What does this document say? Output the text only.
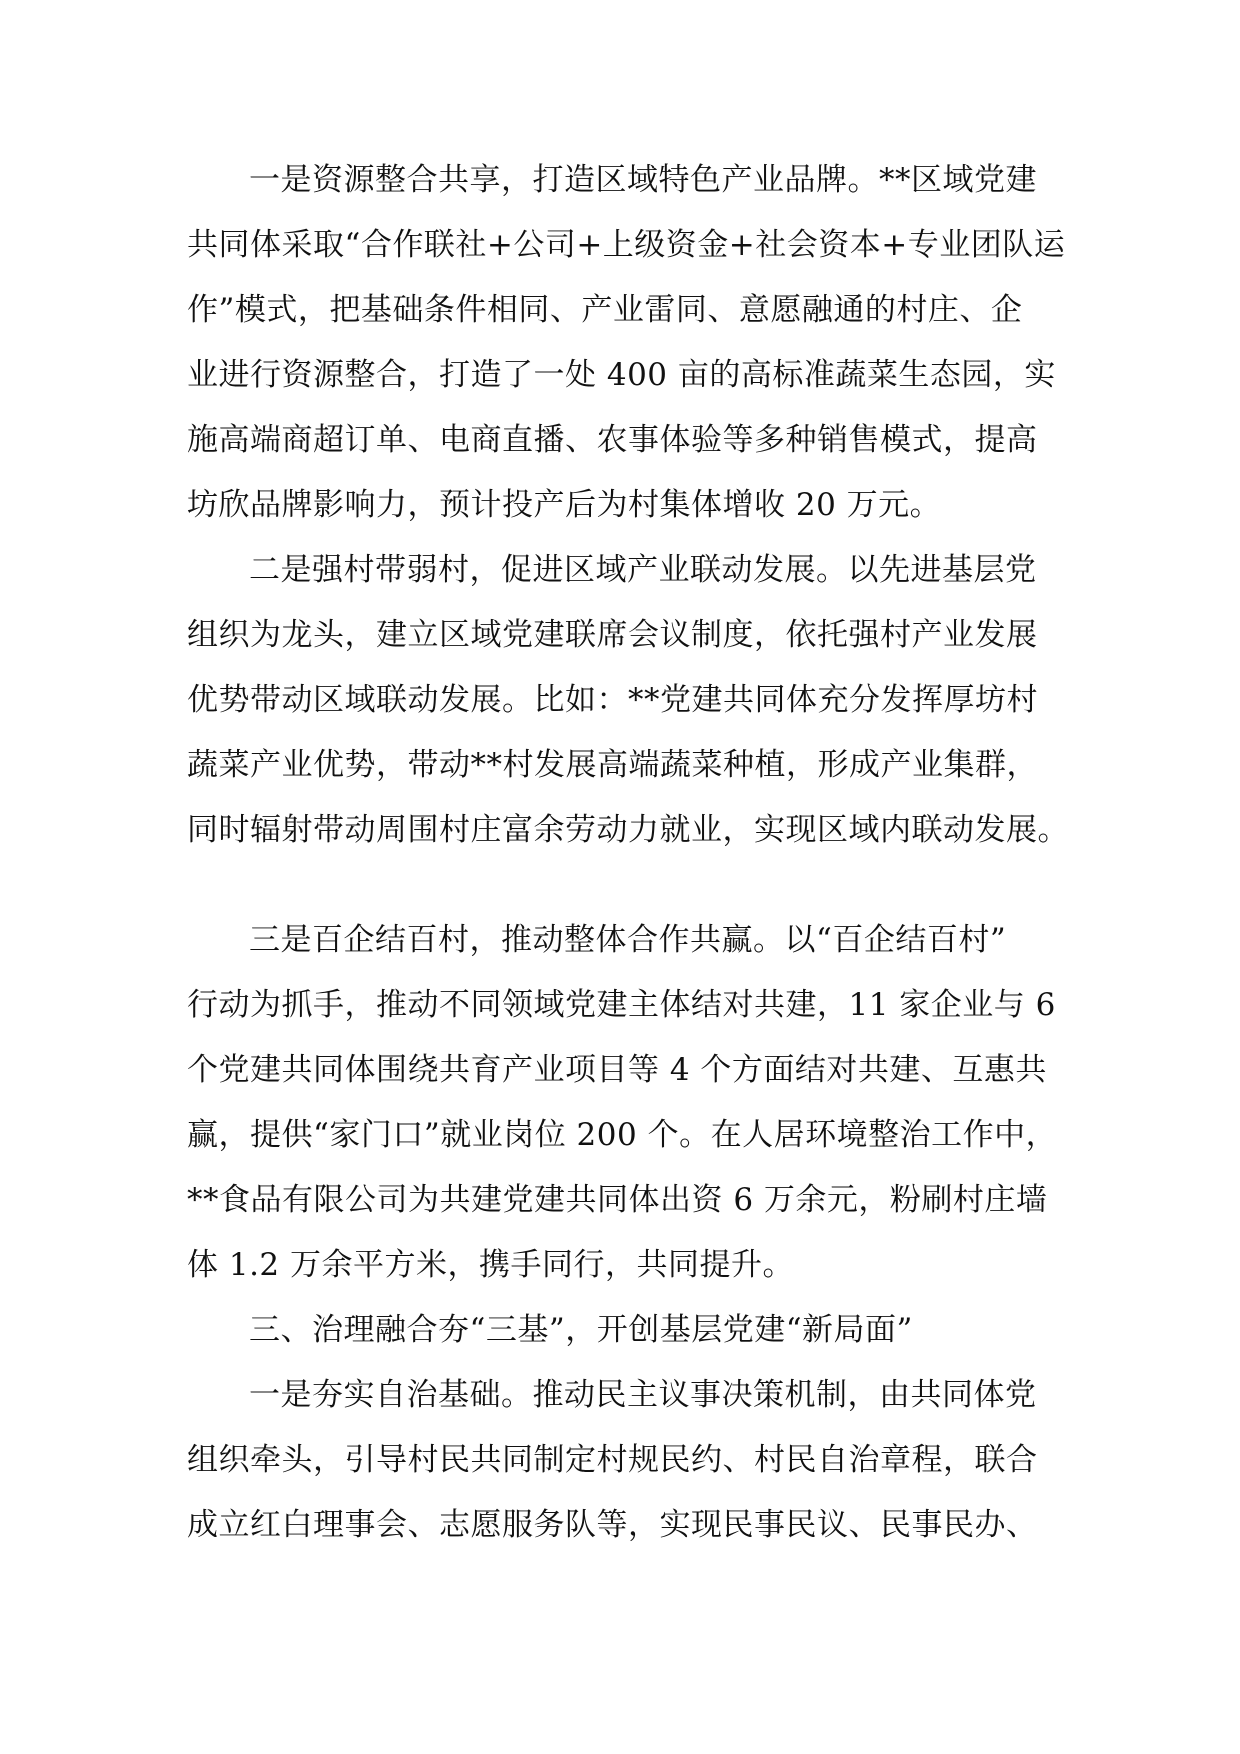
一是资源整合共享，打造区域特色产业品牌。**区域党建
共同体采取“合作联社+公司+上级资金+社会资本+专业团队运
作”模式，把基础条件相同、产业雷同、意愿融通的村庄、企
业进行资源整合，打造了一处 400 亩的高标准蔬菜生态园，实
施高端商超订单、电商直播、农事体验等多种销售模式，提高
坊欣品牌影响力，预计投产后为村集体增收 20 万元。
二是强村带弱村，促进区域产业联动发展。以先进基层党
组织为龙头，建立区域党建联席会议制度，依托强村产业发展
优势带动区域联动发展。比如：**党建共同体充分发挥厚坊村
蔬菜产业优势，带动**村发展高端蔬菜种植，形成产业集群，
同时辐射带动周围村庄富余劳动力就业，实现区域内联动发展。
三是百企结百村，推动整体合作共赢。以“百企结百村”
行动为抓手，推动不同领域党建主体结对共建，11 家企业与 6
个党建共同体围绕共育产业项目等 4 个方面结对共建、互惠共
赢，提供“家门口”就业岗位 200 个。在人居环境整治工作中，
**食品有限公司为共建党建共同体出资 6 万余元，粉刷村庄墙
体 1.2 万余平方米，携手同行，共同提升。
三、治理融合夯“三基”，开创基层党建“新局面”
一是夯实自治基础。推动民主议事决策机制，由共同体党
组织牵头，引导村民共同制定村规民约、村民自治章程，联合
成立红白理事会、志愿服务队等，实现民事民议、民事民办、
